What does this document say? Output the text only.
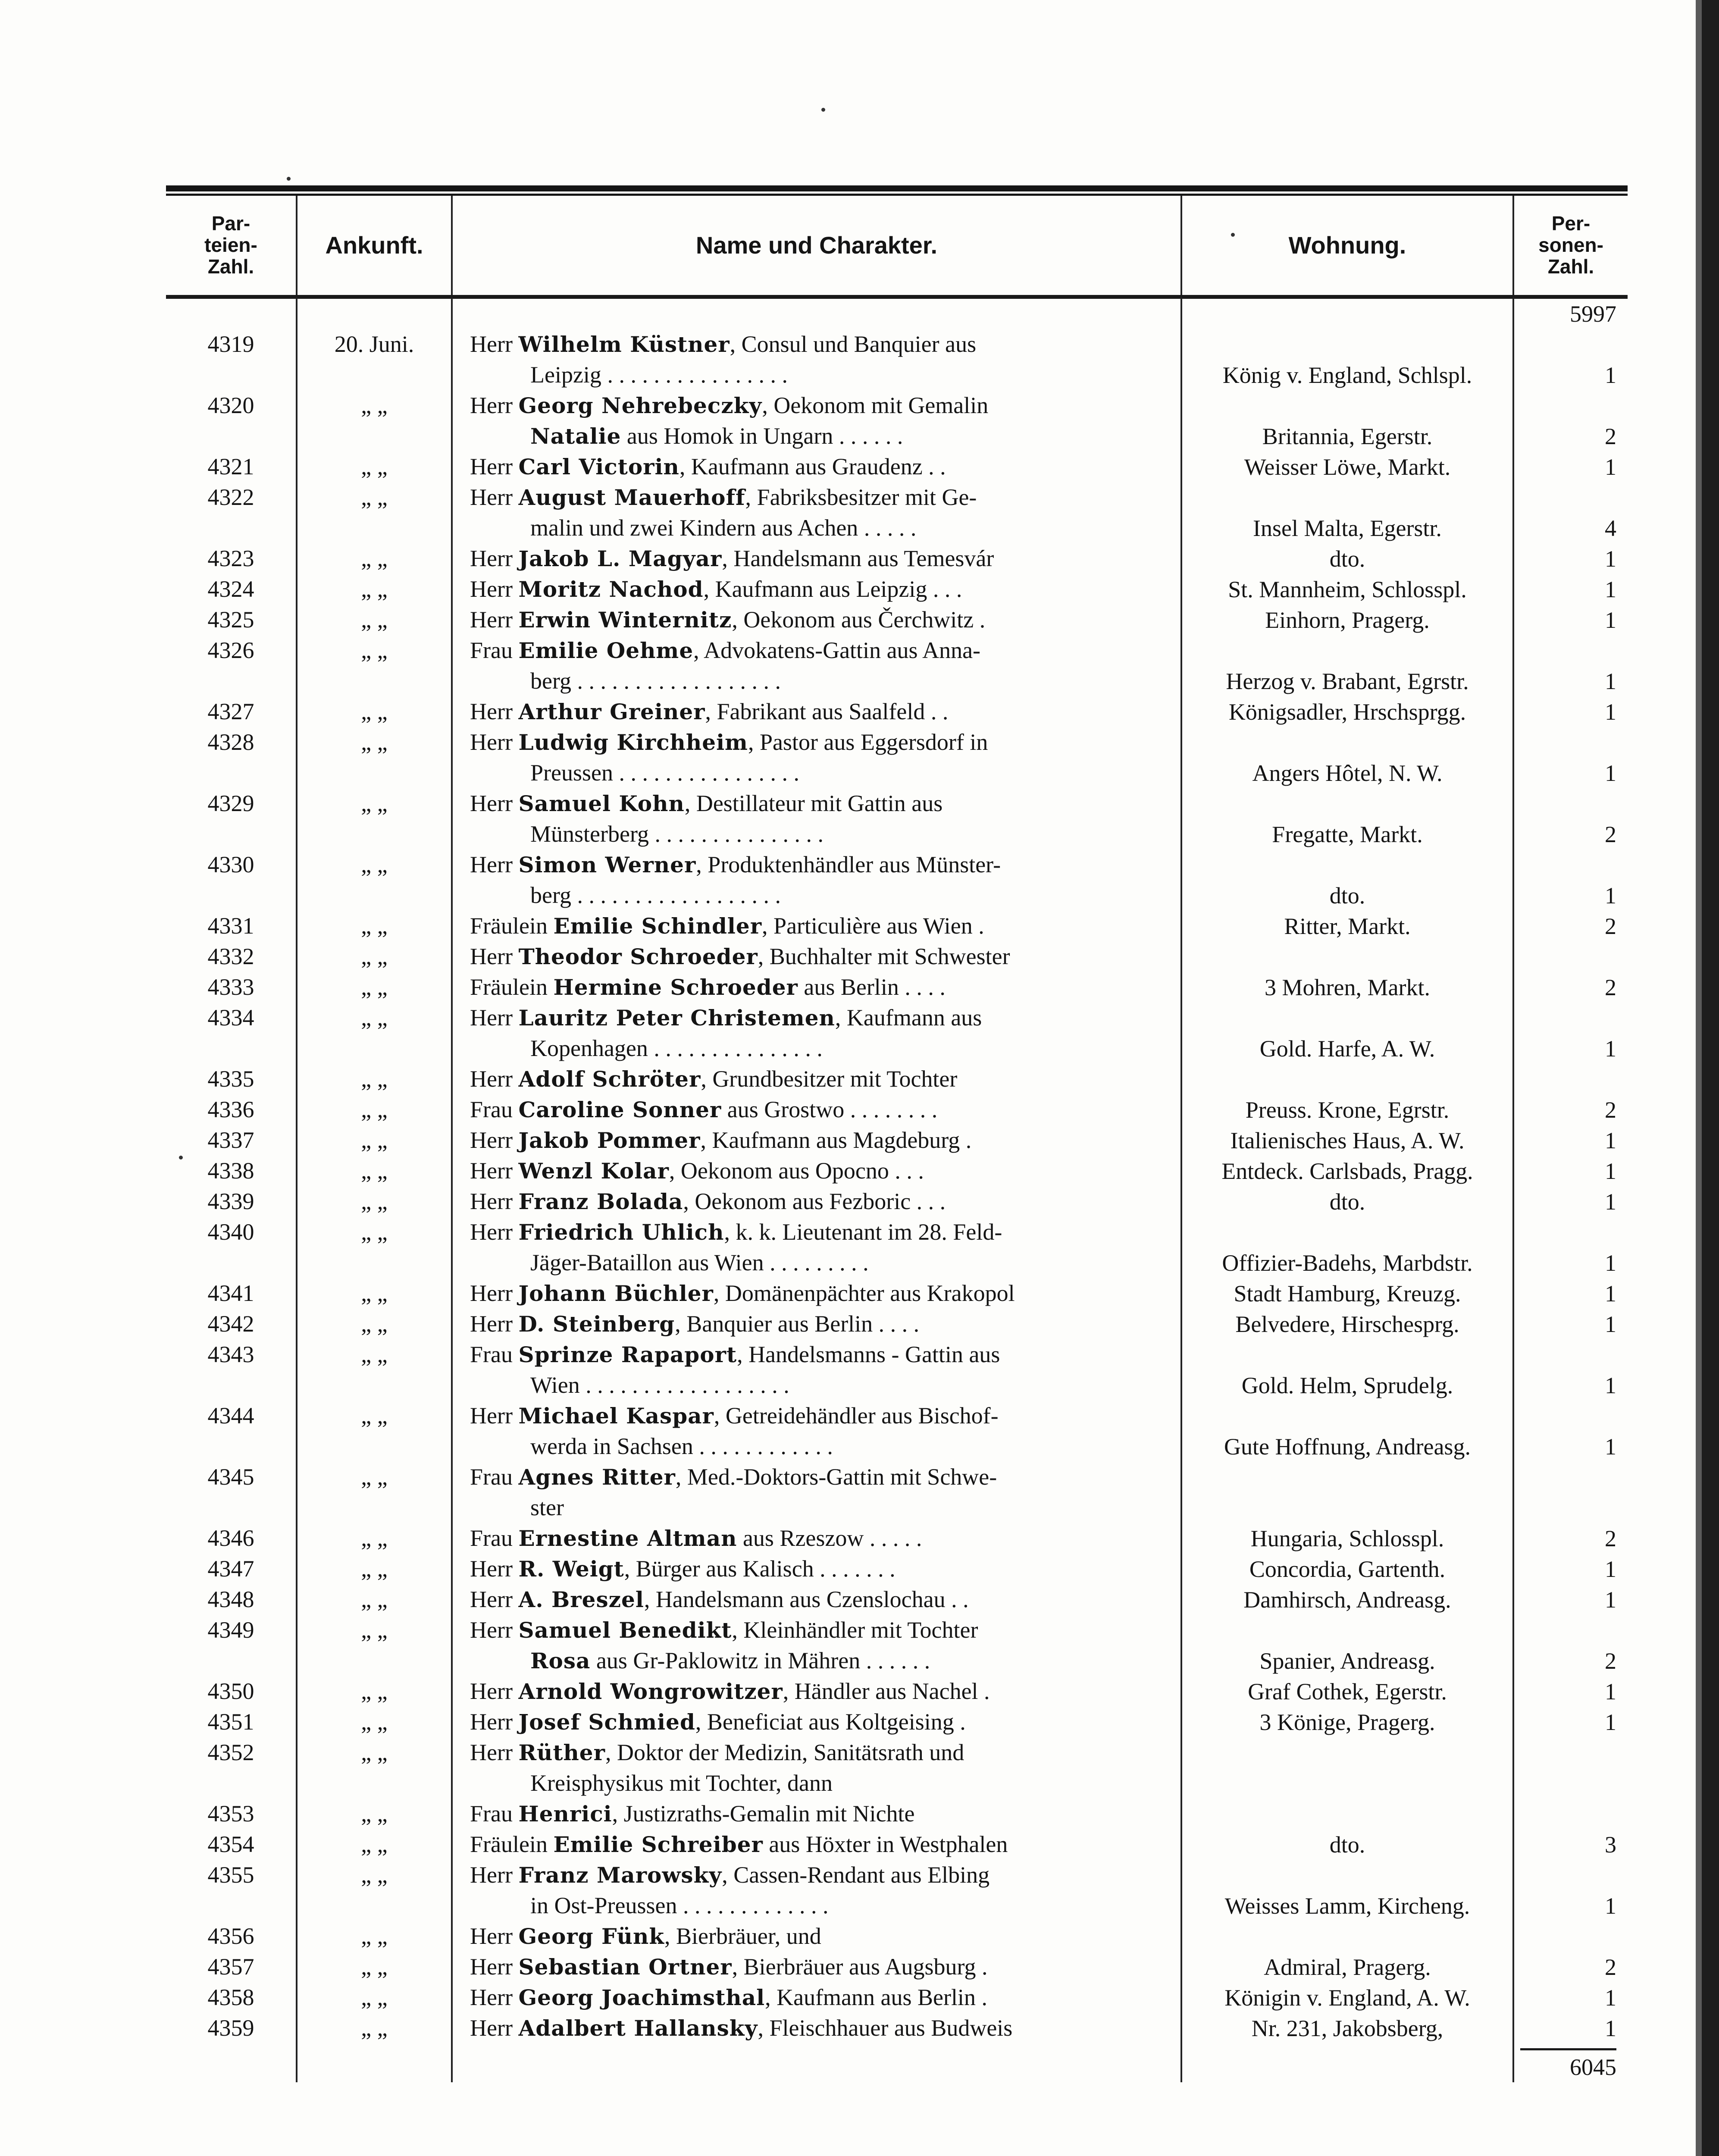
Par-
teien-
Zahl.	Ankunft.	Name und Charakter.	Wohnung.	Per-
sonen-
Zahl.

				5997
4319	20. Juni.	Herr Wilhelm Küstner, Consul und Banquier aus
Leipzig . . . . . . . . . . . . . . . .	König v. England, Schlspl.	1
4320	„ „	Herr Georg Nehrebeczky, Oekonom mit Gemalin
Natalie aus Homok in Ungarn . . . . . .	Britannia, Egerstr.	2
4321	„ „	Herr Carl Victorin, Kaufmann aus Graudenz . .	Weisser Löwe, Markt.	1
4322	„ „	Herr August Mauerhoff, Fabriksbesitzer mit Ge-
malin und zwei Kindern aus Achen . . . . .	Insel Malta, Egerstr.	4
4323	„ „	Herr Jakob L. Magyar, Handelsmann aus Temesvár	dto.	1
4324	„ „	Herr Moritz Nachod, Kaufmann aus Leipzig . . .	St. Mannheim, Schlosspl.	1
4325	„ „	Herr Erwin Winternitz, Oekonom aus Čerchwitz .	Einhorn, Pragerg.	1
4326	„ „	Frau Emilie Oehme, Advokatens-Gattin aus Anna-
berg . . . . . . . . . . . . . . . . . .	Herzog v. Brabant, Egrstr.	1
4327	„ „	Herr Arthur Greiner, Fabrikant aus Saalfeld . .	Königsadler, Hrschsprgg.	1
4328	„ „	Herr Ludwig Kirchheim, Pastor aus Eggersdorf in
Preussen . . . . . . . . . . . . . . . .	Angers Hôtel, N. W.	1
4329	„ „	Herr Samuel Kohn, Destillateur mit Gattin aus
Münsterberg . . . . . . . . . . . . . . .	Fregatte, Markt.	2
4330	„ „	Herr Simon Werner, Produktenhändler aus Münster-
berg . . . . . . . . . . . . . . . . . .	dto.	1
4331	„ „	Fräulein Emilie Schindler, Particulière aus Wien .	Ritter, Markt.	2
4332	„ „	Herr Theodor Schroeder, Buchhalter mit Schwester		

4333	„ „	Fräulein Hermine Schroeder aus Berlin . . . .	3 Mohren, Markt.	2
4334	„ „	Herr Lauritz Peter Christemen, Kaufmann aus
Kopenhagen . . . . . . . . . . . . . . .	Gold. Harfe, A. W.	1
4335	„ „	Herr Adolf Schröter, Grundbesitzer mit Tochter		

4336	„ „	Frau Caroline Sonner aus Grostwo . . . . . . . .	Preuss. Krone, Egrstr.	2
4337	„ „	Herr Jakob Pommer, Kaufmann aus Magdeburg .	Italienisches Haus, A. W.	1
4338	„ „	Herr Wenzl Kolar, Oekonom aus Opocno . . .	Entdeck. Carlsbads, Pragg.	1
4339	„ „	Herr Franz Bolada, Oekonom aus Fezboric . . .	dto.	1
4340	„ „	Herr Friedrich Uhlich, k. k. Lieutenant im 28. Feld-
Jäger-Bataillon aus Wien . . . . . . . . .	Offizier-Badehs, Marbdstr.	1
4341	„ „	Herr Johann Büchler, Domänenpächter aus Krakopol	Stadt Hamburg, Kreuzg.	1
4342	„ „	Herr D. Steinberg, Banquier aus Berlin . . . .	Belvedere, Hirschesprg.	1
4343	„ „	Frau Sprinze Rapaport, Handelsmanns - Gattin aus
Wien . . . . . . . . . . . . . . . . . .	Gold. Helm, Sprudelg.	1
4344	„ „	Herr Michael Kaspar, Getreidehändler aus Bischof-
werda in Sachsen . . . . . . . . . . . .	Gute Hoffnung, Andreasg.	1
4345	„ „	Frau Agnes Ritter, Med.-Doktors-Gattin mit Schwe-
ster		

4346	„ „	Frau Ernestine Altman aus Rzeszow . . . . .	Hungaria, Schlosspl.	2
4347	„ „	Herr R. Weigt, Bürger aus Kalisch . . . . . . .	Concordia, Gartenth.	1
4348	„ „	Herr A. Breszel, Handelsmann aus Czenslochau . .	Damhirsch, Andreasg.	1
4349	„ „	Herr Samuel Benedikt, Kleinhändler mit Tochter
Rosa aus Gr-Paklowitz in Mähren . . . . . .	Spanier, Andreasg.	2
4350	„ „	Herr Arnold Wongrowitzer, Händler aus Nachel .	Graf Cothek, Egerstr.	1
4351	„ „	Herr Josef Schmied, Beneficiat aus Koltgeising .	3 Könige, Pragerg.	1
4352	„ „	Herr Rüther, Doktor der Medizin, Sanitätsrath und
Kreisphysikus mit Tochter, dann		

4353	„ „	Frau Henrici, Justizraths-Gemalin mit Nichte		

4354	„ „	Fräulein Emilie Schreiber aus Höxter in Westphalen	dto.	3
4355	„ „	Herr Franz Marowsky, Cassen-Rendant aus Elbing
in Ost-Preussen . . . . . . . . . . . . .	Weisses Lamm, Kircheng.	1
4356	„ „	Herr Georg Fünk, Bierbräuer, und		

4357	„ „	Herr Sebastian Ortner, Bierbräuer aus Augsburg .	Admiral, Pragerg.	2
4358	„ „	Herr Georg Joachimsthal, Kaufmann aus Berlin .	Königin v. England, A. W.	1
4359	„ „	Herr Adalbert Hallansky, Fleischhauer aus Budweis	Nr. 231, Jakobsberg,	1
				6045
